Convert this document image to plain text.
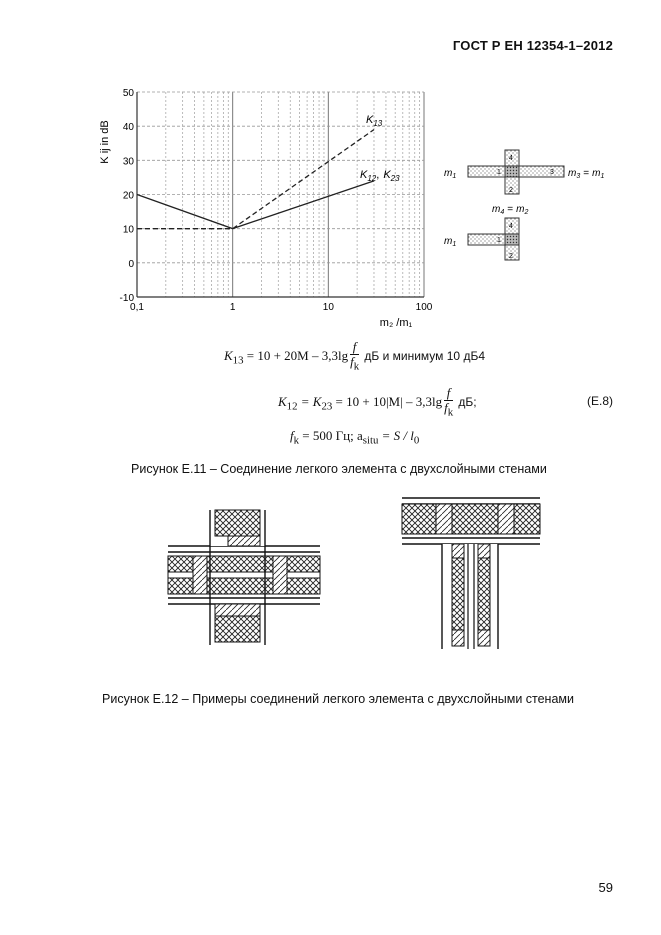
ГОСТ Р ЕН 12354-1–2012
50
40
30
20
10
0
-10
0,1	1	10	100
K ij in dB
m₂ /m₁
$K_{13}$
$K_{12}$, $K_{23}$
4
1	3
2
$m_1$	$m_3 = m_1$
$m_4 = m_2$
4
1
2
$m_1$
$K_{13} = 10 + 20M - 3,3\lg \frac{f}{f_k}$ дБ и минимум 10 дБ4
$K_{12} = K_{23} = 10 + 10|M| - 3,3\lg \frac{f}{f_k}$ дБ;	(Е.8)
$f_k = 500$ Гц; $a_{situ} = S / l_0$
Рисунок Е.11 – Соединение легкого элемента с двухслойными стенами
Рисунок Е.12 – Примеры соединений легкого элемента с двухслойными стенами
59
